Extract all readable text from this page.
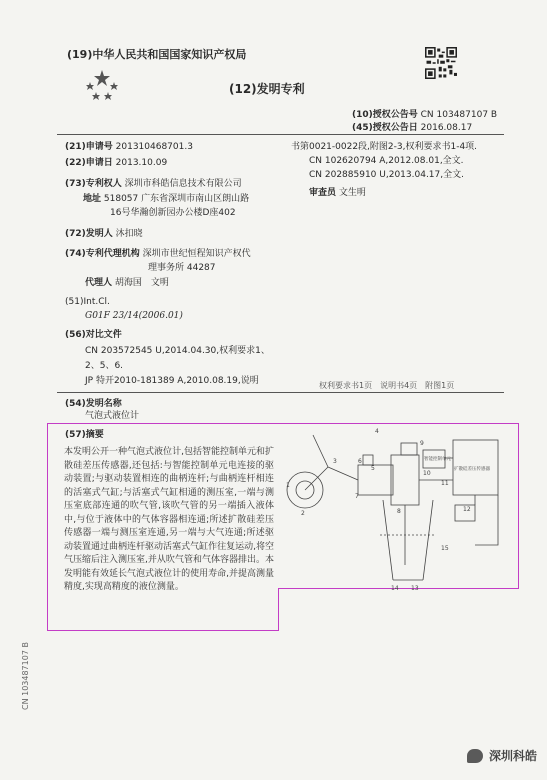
(19)中华人民共和国国家知识产权局
(12)发明专利
(10)授权公告号 CN 103487107 B
(45)授权公告日 2016.08.17
(21)申请号 201310468701.3
(22)申请日 2013.10.09
(73)专利权人 深圳市科皓信息技术有限公司
地址 518057 广东省深圳市南山区朗山路
16号华瀚创新园办公楼D座402
(72)发明人 沐扣晓
(74)专利代理机构 深圳市世纪恒程知识产权代
理事务所 44287
代理人 胡海国　文明
(51)Int.Cl.
G01F 23/14(2006.01)
(56)对比文件
CN 203572545 U,2014.04.30,权利要求1、
2、5、6.
JP 特开2010-181389 A,2010.08.19,说明
书第0021-0022段,附图2-3,权利要求书1-4项.
CN 102620794 A,2012.08.01,全文.
CN 202885910 U,2013.04.17,全文.
审查员 文生明
权利要求书1页　说明书4页　附图1页
(54)发明名称
气泡式液位计
(57)摘要
本发明公开一种气泡式液位计,包括智能控制单元和扩散硅差压传感器,还包括:与智能控制单元电连接的驱动装置;与驱动装置相连的曲柄连杆;与曲柄连杆相连的活塞式气缸;与活塞式气缸相通的测压室,一端与测压室底部连通的吹气管,该吹气管的另一端插入液体中,与位于液体中的气体容器相连通;所述扩散硅差压传感器一端与测压室连通,另一端与大气连通;所述驱动装置通过曲柄连杆驱动活塞式气缸作往复运动,将空气压缩后注入测压室,并从吹气管和气体容器排出。本发明能有效延长气泡式液位计的使用寿命,并提高测量精度,实现高精度的液位测量。
1
2
3
4
5
6
7
8
9
10
11
12
13
14
15
智能控制单元
扩散硅差压传感器
CN 103487107 B
深圳科皓
